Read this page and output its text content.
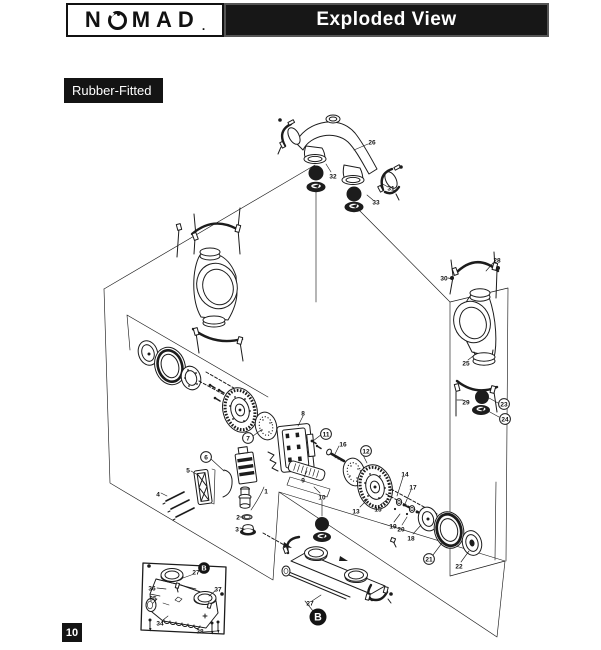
N MAD .	Exploded View
Rubber-Fitted
10
1
2
3
4
5
6
7
8
9
10
11
12
13
14
15
16
17
18
19 20
21
22
23
24
25
26
27
28
29
30
31
32
33
34
35
36	37
38
27
B
B
